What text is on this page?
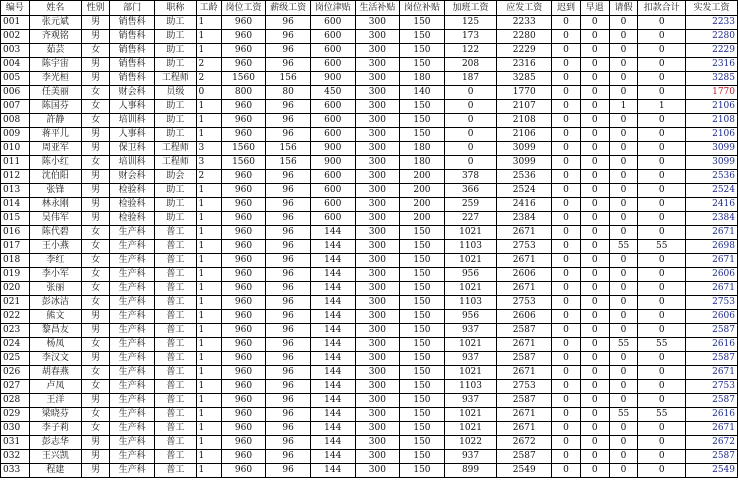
编号	姓名	性别	部门	职称	工龄	岗位工资	薪级工资	岗位津贴	生活补贴	岗位补贴	加班工资	应发工资	迟到	早退	请假	扣款合计	实发工资
001	张元斌	男	销售科	助工	1	960	96	600	300	150	125	2233	0	0	0	0	2233
002	齐观铭	男	销售科	助工	1	960	96	600	300	150	173	2280	0	0	0	0	2280
003	茹芸	女	销售科	助工	1	960	96	600	300	150	122	2229	0	0	0	0	2229
004	陈宇宙	男	销售科	助工	2	960	96	600	300	150	208	2316	0	0	0	0	2316
005	李光桓	男	销售科	工程师	2	1560	156	900	300	180	187	3285	0	0	0	0	3285
006	任美丽	女	财会科	员级	0	800	80	450	300	140	0	1770	0	0	0	0	1770
007	陈国芬	女	人事科	助工	1	960	96	600	300	150	0	2107	0	0	1	1	2106
008	許静	女	培训科	助工	1	960	96	600	300	150	0	2108	0	0	0	0	2108
009	蒋平儿	男	人事科	助工	1	960	96	600	300	150	0	2106	0	0	0	0	2106
010	周亚军	男	保卫科	工程师	3	1560	156	900	300	180	0	3099	0	0	0	0	3099
011	陈小红	女	培训科	工程师	3	1560	156	900	300	180	0	3099	0	0	0	0	3099
012	沈伯阳	男	财会科	助会	2	960	96	600	300	200	378	2536	0	0	0	0	2536
013	张锋	男	检验科	助工	1	960	96	600	300	200	366	2524	0	0	0	0	2524
014	林永刚	男	检验科	助工	1	960	96	600	300	200	259	2416	0	0	0	0	2416
015	吴伟军	男	检验科	助工	1	960	96	600	300	200	227	2384	0	0	0	0	2384
016	陈代碧	女	生产科	普工	1	960	96	144	300	150	1021	2671	0	0	0	0	2671
017	王小燕	女	生产科	普工	1	960	96	144	300	150	1103	2753	0	0	55	55	2698
018	李红	女	生产科	普工	1	960	96	144	300	150	1021	2671	0	0	0	0	2671
019	李小军	女	生产科	普工	1	960	96	144	300	150	956	2606	0	0	0	0	2606
020	张丽	女	生产科	普工	1	960	96	144	300	150	1021	2671	0	0	0	0	2671
021	彭冰洁	女	生产科	普工	1	960	96	144	300	150	1103	2753	0	0	0	0	2753
022	熊文	男	生产科	普工	1	960	96	144	300	150	956	2606	0	0	0	0	2606
023	黎昌友	男	生产科	普工	1	960	96	144	300	150	937	2587	0	0	0	0	2587
024	杨凤	女	生产科	普工	1	960	96	144	300	150	1021	2671	0	0	55	55	2616
025	李汉文	男	生产科	普工	1	960	96	144	300	150	937	2587	0	0	0	0	2587
026	胡春燕	女	生产科	普工	1	960	96	144	300	150	1021	2671	0	0	0	0	2671
027	卢凤	女	生产科	普工	1	960	96	144	300	150	1103	2753	0	0	0	0	2753
028	王洋	男	生产科	普工	1	960	96	144	300	150	937	2587	0	0	0	0	2587
029	梁晓芬	女	生产科	普工	1	960	96	144	300	150	1021	2671	0	0	55	55	2616
030	李子莉	女	生产科	普工	1	960	96	144	300	150	1021	2671	0	0	0	0	2671
031	彭志华	男	生产科	普工	1	960	96	144	300	150	1022	2672	0	0	0	0	2672
032	王兴凯	男	生产科	普工	1	960	96	144	300	150	937	2587	0	0	0	0	2587
033	程建	男	生产科	普工	1	960	96	144	300	150	899	2549	0	0	0	0	2549
